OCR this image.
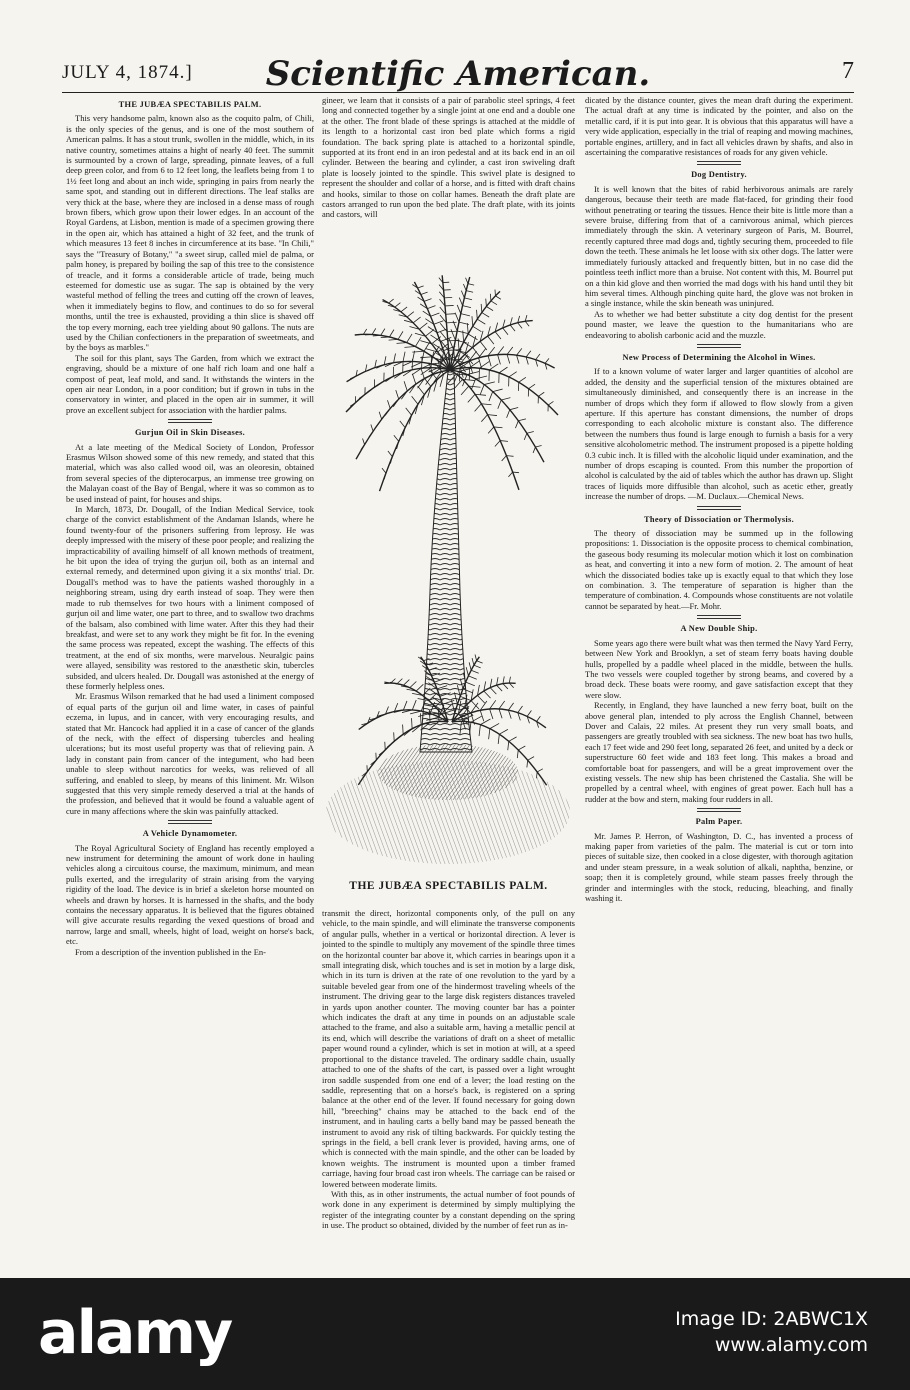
JULY 4, 1874.]	Scientific American.	7
THE JUBÆA SPECTABILIS PALM.

This very handsome palm, known also as the coquito palm, of Chili, is the only species of the genus, and is one of the most southern of American palms. It has a stout trunk, swollen in the middle, which, in its native country, sometimes attains a hight of nearly 40 feet. The summit is surmounted by a crown of large, spreading, pinnate leaves, of a full deep green color, and from 6 to 12 feet long, the leaflets being from 1 to 1½ feet long and about an inch wide, springing in pairs from nearly the same spot, and standing out in different directions. The leaf stalks are very thick at the base, where they are inclosed in a dense mass of rough brown fibers, which grow upon their lower edges. In an account of the Royal Gardens, at Lisbon, mention is made of a specimen growing there in the open air, which has attained a hight of 32 feet, and the trunk of which measures 13 feet 8 inches in circumference at its base. "In Chili," says the "Treasury of Botany," "a sweet sirup, called miel de palma, or palm honey, is prepared by boiling the sap of this tree to the consistence of treacle, and it forms a considerable article of trade, being much esteemed for domestic use as sugar. The sap is obtained by the very wasteful method of felling the trees and cutting off the crown of leaves, when it immediately begins to flow, and continues to do so for several months, until the tree is exhausted, providing a thin slice is shaved off the top every morning, each tree yielding about 90 gallons. The nuts are used by the Chilian confectioners in the preparation of sweetmeats, and by the boys as marbles."

The soil for this plant, says The Garden, from which we extract the engraving, should be a mixture of one half rich loam and one half a compost of peat, leaf mold, and sand. It withstands the winters in the open air near London, in a poor condition; but if grown in tubs in the conservatory in winter, and placed in the open air in summer, it will prove an excellent subject for association with the hardier palms.

Gurjun Oil in Skin Diseases.

At a late meeting of the Medical Society of London, Professor Erasmus Wilson showed some of this new remedy, and stated that this material, which was also called wood oil, was an oleoresin, obtained from several species of the dipterocarpus, an immense tree growing on the Malayan coast of the Bay of Bengal, where it was so common as to be used instead of paint, for houses and ships.

In March, 1873, Dr. Dougall, of the Indian Medical Service, took charge of the convict establishment of the Andaman Islands, where he found twenty-four of the prisoners suffering from leprosy. He was deeply impressed with the misery of these poor people; and realizing the impracticability of availing himself of all known methods of treatment, he bit upon the idea of trying the gurjun oil, both as an internal and external remedy, and determined upon giving it a six months' trial. Dr. Dougall's method was to have the patients washed thoroughly in a neighboring stream, using dry earth instead of soap. They were then made to rub themselves for two hours with a liniment composed of gurjun oil and lime water, one part to three, and to swallow two drachms of the balsam, also combined with lime water. After this they had their breakfast, and were set to any work they might be fit for. In the evening the same process was repeated, except the washing. The effects of this treatment, at the end of six months, were marvelous. Neuralgic pains were allayed, sensibility was restored to the anæsthetic skin, tubercles subsided, and ulcers healed. Dr. Dougall was astonished at the energy of these formerly helpless ones.

Mr. Erasmus Wilson remarked that he had used a liniment composed of equal parts of the gurjun oil and lime water, in cases of painful eczema, in lupus, and in cancer, with very encouraging results, and stated that Mr. Hancock had applied it in a case of cancer of the glands of the neck, with the effect of dispersing tubercles and healing ulcerations; but its most useful property was that of relieving pain. A lady in constant pain from cancer of the integument, who had been unable to sleep without narcotics for weeks, was relieved of all suffering, and enabled to sleep, by means of this liniment. Mr. Wilson suggested that this very simple remedy deserved a trial at the hands of the profession, and believed that it would be found a valuable agent of cure in many affections where the skin was painfully attacked.

A Vehicle Dynamometer.

The Royal Agricultural Society of England has recently employed a new instrument for determining the amount of work done in hauling vehicles along a circuitous course, the maximum, minimum, and mean pulls exerted, and the irregularity of strain arising from the varying rigidity of the load. The device is in brief a skeleton horse mounted on wheels and drawn by horses. It is harnessed in the shafts, and the body contains the necessary apparatus. It is believed that the figures obtained will give accurate results regarding the vexed questions of broad and narrow, large and small, wheels, hight of load, weight on horse's back, etc.

From a description of the invention published in the En-

gineer, we learn that it consists of a pair of parabolic steel springs, 4 feet long and connected together by a single joint at one end and a double one at the other. The front blade of these springs is attached at the middle of its length to a horizontal cast iron bed plate which forms a rigid foundation. The back spring plate is attached to a horizontal spindle, supported at its front end in an iron pedestal and at its back end in an oil cylinder. Between the bearing and cylinder, a cast iron swiveling draft plate is loosely jointed to the spindle. This swivel plate is designed to represent the shoulder and collar of a horse, and is fitted with draft chains and hooks, similar to those on collar hames. Beneath the draft plate are castors arranged to run upon the bed plate. The draft plate, with its joints and castors, will

THE JUBÆA SPECTABILIS PALM.

transmit the direct, horizontal components only, of the pull on any vehicle, to the main spindle, and will eliminate the transverse components of angular pulls, whether in a vertical or horizontal direction. A lever is jointed to the spindle to multiply any movement of the spindle three times on the horizontal counter bar above it, which carries in bearings upon it a small integrating disk, which touches and is set in motion by a large disk, which in its turn is driven at the rate of one revolution to the yard by a suitable beveled gear from one of the hindermost traveling wheels of the instrument. The driving gear to the large disk registers distances traveled in yards upon another counter. The moving counter bar has a pointer which indicates the draft at any time in pounds on an adjustable scale attached to the frame, and also a suitable arm, having a metallic pencil at its end, which will describe the variations of draft on a sheet of metallic paper wound round a cylinder, which is set in motion at will, at a speed proportional to the distance traveled. The ordinary saddle chain, usually attached to one of the shafts of the cart, is passed over a light wrought iron saddle suspended from one end of a lever; the load resting on the saddle, representing that on a horse's back, is registered on a spring balance at the other end of the lever. If found necessary for going down hill, "breeching" chains may be attached to the back end of the instrument, and in hauling carts a belly band may be passed beneath the instrument to avoid any risk of tilting backwards. For quickly testing the springs in the field, a bell crank lever is provided, having arms, one of which is connected with the main spindle, and the other can be loaded by known weights. The instrument is mounted upon a timber framed carriage, having four broad cast iron wheels. The carriage can be raised or lowered between moderate limits.

With this, as in other instruments, the actual number of foot pounds of work done in any experiment is determined by simply multiplying the register of the integrating counter by a constant depending on the spring in use. The product so obtained, divided by the number of feet run as in-

dicated by the distance counter, gives the mean draft during the experiment. The actual draft at any time is indicated by the pointer, and also on the metallic card, if it is put into gear. It is obvious that this apparatus will have a very wide application, especially in the trial of reaping and mowing machines, portable engines, artillery, and in fact all vehicles drawn by shafts, and also in ascertaining the comparative resistances of roads for any given vehicle.

Dog Dentistry.

It is well known that the bites of rabid herbivorous animals are rarely dangerous, because their teeth are made flat-faced, for grinding their food without penetrating or tearing the tissues. Hence their bite is little more than a severe bruise, differing from that of a carnivorous animal, which pierces immediately through the skin. A veterinary surgeon of Paris, M. Bourrel, recently captured three mad dogs and, tightly securing them, proceeded to file down the teeth. These animals he let loose with six other dogs. The latter were immediately furiously attacked and frequently bitten, but in no case did the pointless teeth inflict more than a bruise. Not content with this, M. Bourrel put on a thin kid glove and then worried the mad dogs with his hand until they bit him several times. Although pinching quite hard, the glove was not broken in a single instance, while the skin beneath was uninjured.

As to whether we had better substitute a city dog dentist for the present pound master, we leave the question to the humanitarians who are endeavoring to abolish carbonic acid and the muzzle.

New Process of Determining the Alcohol in Wines.

If to a known volume of water larger and larger quantities of alcohol are added, the density and the superficial tension of the mixtures obtained are simultaneously diminished, and consequently there is an increase in the number of drops which they form if allowed to flow slowly from a given aperture. If this aperture has constant dimensions, the number of drops corresponding to each alcoholic mixture is constant also. The difference between the numbers thus found is large enough to furnish a basis for a very sensitive alcoholometric method. The instrument proposed is a pipette holding 0.3 cubic inch. It is filled with the alcoholic liquid under examination, and the number of drops escaping is counted. From this number the proportion of alcohol is calculated by the aid of tables which the author has drawn up. Slight traces of liquids more diffusible than alcohol, such as acetic ether, greatly increase the number of drops. —M. Duclaux.—Chemical News.

Theory of Dissociation or Thermolysis.

The theory of dissociation may be summed up in the following propositions: 1. Dissociation is the opposite process to chemical combination, the gaseous body resuming its molecular motion which it lost on combination as heat, and converting it into a new form of motion. 2. The amount of heat which the dissociated bodies take up is exactly equal to that which they lose on combination. 3. The temperature of separation is higher than the temperature of combination. 4. Compounds whose constituents are not volatile cannot be separated by heat.—Fr. Mohr.

A New Double Ship.

Some years ago there were built what was then termed the Navy Yard Ferry, between New York and Brooklyn, a set of steam ferry boats having double hulls, propelled by a paddle wheel placed in the middle, between the hulls. The two vessels were coupled together by strong beams, and covered by a broad deck. These boats were roomy, and gave satisfaction except that they were slow.

Recently, in England, they have launched a new ferry boat, built on the above general plan, intended to ply across the English Channel, between Dover and Calais, 22 miles. At present they run very small boats, and passengers are greatly troubled with sea sickness. The new boat has two hulls, each 17 feet wide and 290 feet long, separated 26 feet, and united by a deck or superstructure 60 feet wide and 183 feet long. This makes a broad and comfortable boat for passengers, and will be a great improvement over the existing vessels. The new ship has been christened the Castalia. She will be propelled by a central wheel, with engines of great power. Each hull has a rudder at the bow and stern, making four rudders in all.

Palm Paper.

Mr. James P. Herron, of Washington, D. C., has invented a process of making paper from varieties of the palm. The material is cut or torn into pieces of suitable size, then cooked in a close digester, with thorough agitation and under steam pressure, in a weak solution of alkali, naphtha, benzine, or soap; then it is completely ground, while steam passes freely through the grinder and intermingles with the stock, reducing, bleaching, and finally washing it.

alamy	Image ID: 2ABWC1X
www.alamy.com
